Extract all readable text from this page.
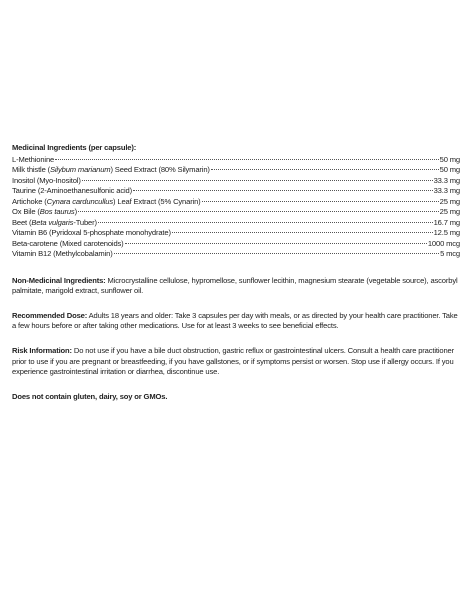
Medicinal Ingredients (per capsule):
L-Methionine	50 mg
Milk thistle (Silybum marianum) Seed Extract (80% Silymarin)	50 mg
Inositol (Myo-Inositol)	33.3 mg
Taurine (2-Aminoethanesulfonic acid)	33.3 mg
Artichoke (Cynara carduncullus) Leaf Extract (5% Cynarin)	25 mg
Ox Bile (Bos taurus)	25 mg
Beet (Beta vulgaris-Tuber)	16.7 mg
Vitamin B6 (Pyridoxal 5-phosphate monohydrate)	12.5 mg
Beta-carotene (Mixed carotenoids)	1000 mcg
Vitamin B12 (Methylcobalamin)	5 mcg
Non-Medicinal Ingredients: Microcrystalline cellulose, hypromellose, sunflower lecithin, magnesium stearate (vegetable source), ascorbyl palmitate, marigold extract, sunflower oil.
Recommended Dose: Adults 18 years and older: Take 3 capsules per day with meals, or as directed by your health care practitioner. Take a few hours before or after taking other medications. Use for at least 3 weeks to see beneficial effects.
Risk Information: Do not use if you have a bile duct obstruction, gastric reflux or gastrointestinal ulcers. Consult a health care practitioner prior to use if you are pregnant or breastfeeding, if you have gallstones, or if symptoms persist or worsen. Stop use if allergy occurs. If you experience gastrointestinal irritation or diarrhea, discontinue use.
Does not contain gluten, dairy, soy or GMOs.
